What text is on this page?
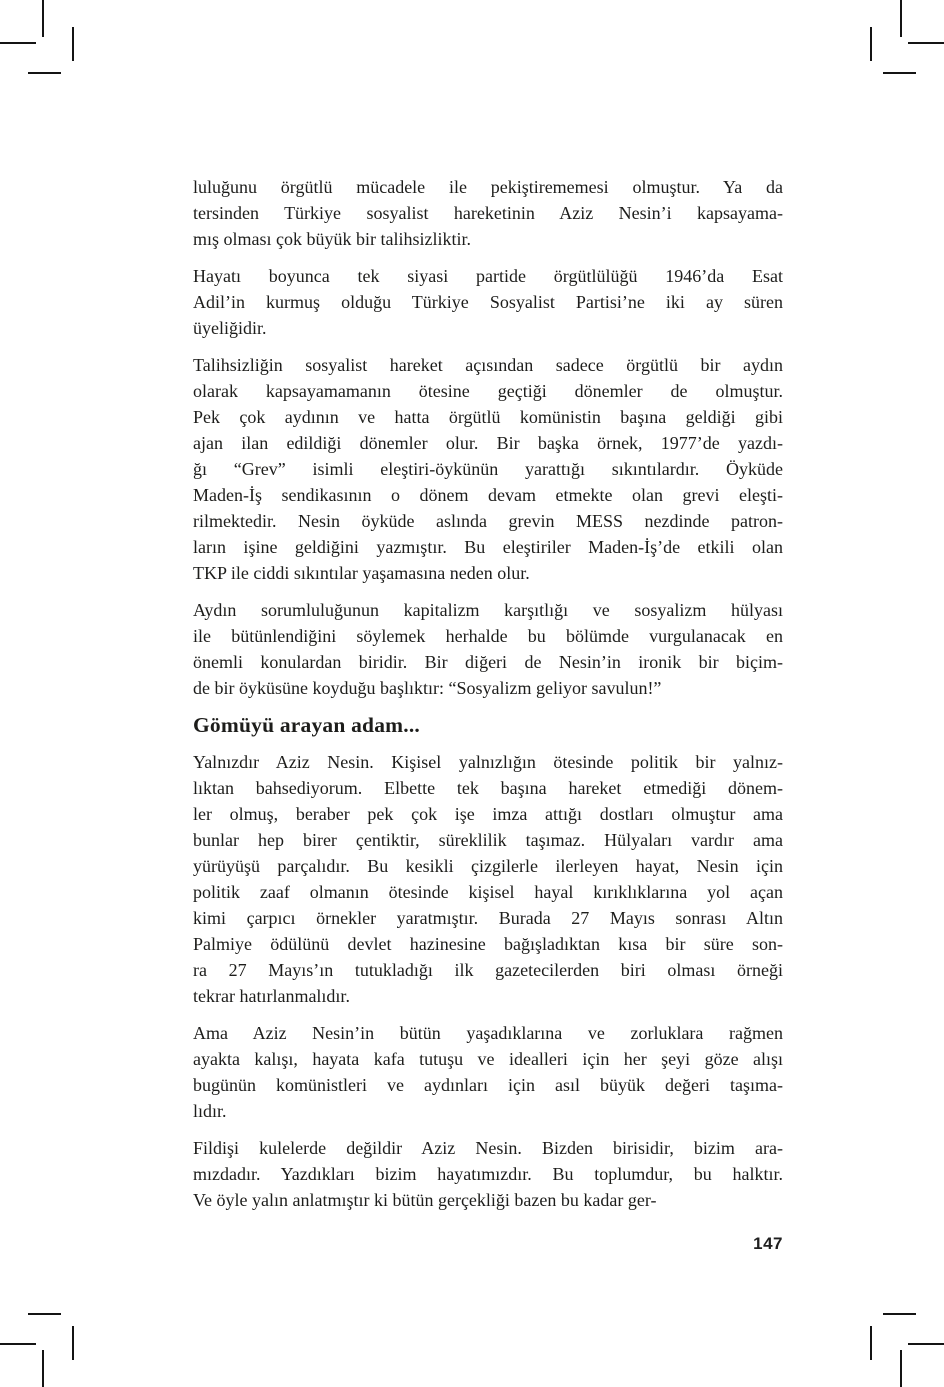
luluğunu örgütlü mücadele ile pekiştirememesi olmuştur. Ya da
tersinden Türkiye sosyalist hareketinin Aziz Nesin’i kapsayama-
mış olması çok büyük bir talihsizliktir.

Hayatı boyunca tek siyasi partide örgütlülüğü 1946’da Esat
Adil’in kurmuş olduğu Türkiye Sosyalist Partisi’ne iki ay süren
üyeliğidir.

Talihsizliğin sosyalist hareket açısından sadece örgütlü bir aydın
olarak kapsayamamanın ötesine geçtiği dönemler de olmuştur.
Pek çok aydının ve hatta örgütlü komünistin başına geldiği gibi
ajan ilan edildiği dönemler olur. Bir başka örnek, 1977’de yazdı-
ğı “Grev” isimli eleştiri-öykünün yarattığı sıkıntılardır. Öyküde
Maden-İş sendikasının o dönem devam etmekte olan grevi eleşti-
rilmektedir. Nesin öyküde aslında grevin MESS nezdinde patron-
ların işine geldiğini yazmıştır. Bu eleştiriler Maden-İş’de etkili olan
TKP ile ciddi sıkıntılar yaşamasına neden olur.

Aydın sorumluluğunun kapitalizm karşıtlığı ve sosyalizm hülyası
ile bütünlendiğini söylemek herhalde bu bölümde vurgulanacak en
önemli konulardan biridir. Bir diğeri de Nesin’in ironik bir biçim-
de bir öyküsüne koyduğu başlıktır: “Sosyalizm geliyor savulun!”

Gömüyü arayan adam...

Yalnızdır Aziz Nesin. Kişisel yalnızlığın ötesinde politik bir yalnız-
lıktan bahsediyorum. Elbette tek başına hareket etmediği dönem-
ler olmuş, beraber pek çok işe imza attığı dostları olmuştur ama
bunlar hep birer çentiktir, süreklilik taşımaz. Hülyaları vardır ama
yürüyüşü parçalıdır. Bu kesikli çizgilerle ilerleyen hayat, Nesin için
politik zaaf olmanın ötesinde kişisel hayal kırıklıklarına yol açan
kimi çarpıcı örnekler yaratmıştır. Burada 27 Mayıs sonrası Altın
Palmiye ödülünü devlet hazinesine bağışladıktan kısa bir süre son-
ra 27 Mayıs’ın tutukladığı ilk gazetecilerden biri olması örneği
tekrar hatırlanmalıdır.

Ama Aziz Nesin’in bütün yaşadıklarına ve zorluklara rağmen
ayakta kalışı, hayata kafa tutuşu ve idealleri için her şeyi göze alışı
bugünün komünistleri ve aydınları için asıl büyük değeri taşıma-
lıdır.

Fildişi kulelerde değildir Aziz Nesin. Bizden birisidir, bizim ara-
mızdadır. Yazdıkları bizim hayatımızdır. Bu toplumdur, bu halktır.
Ve öyle yalın anlatmıştır ki bütün gerçekliği bazen bu kadar ger-

147
